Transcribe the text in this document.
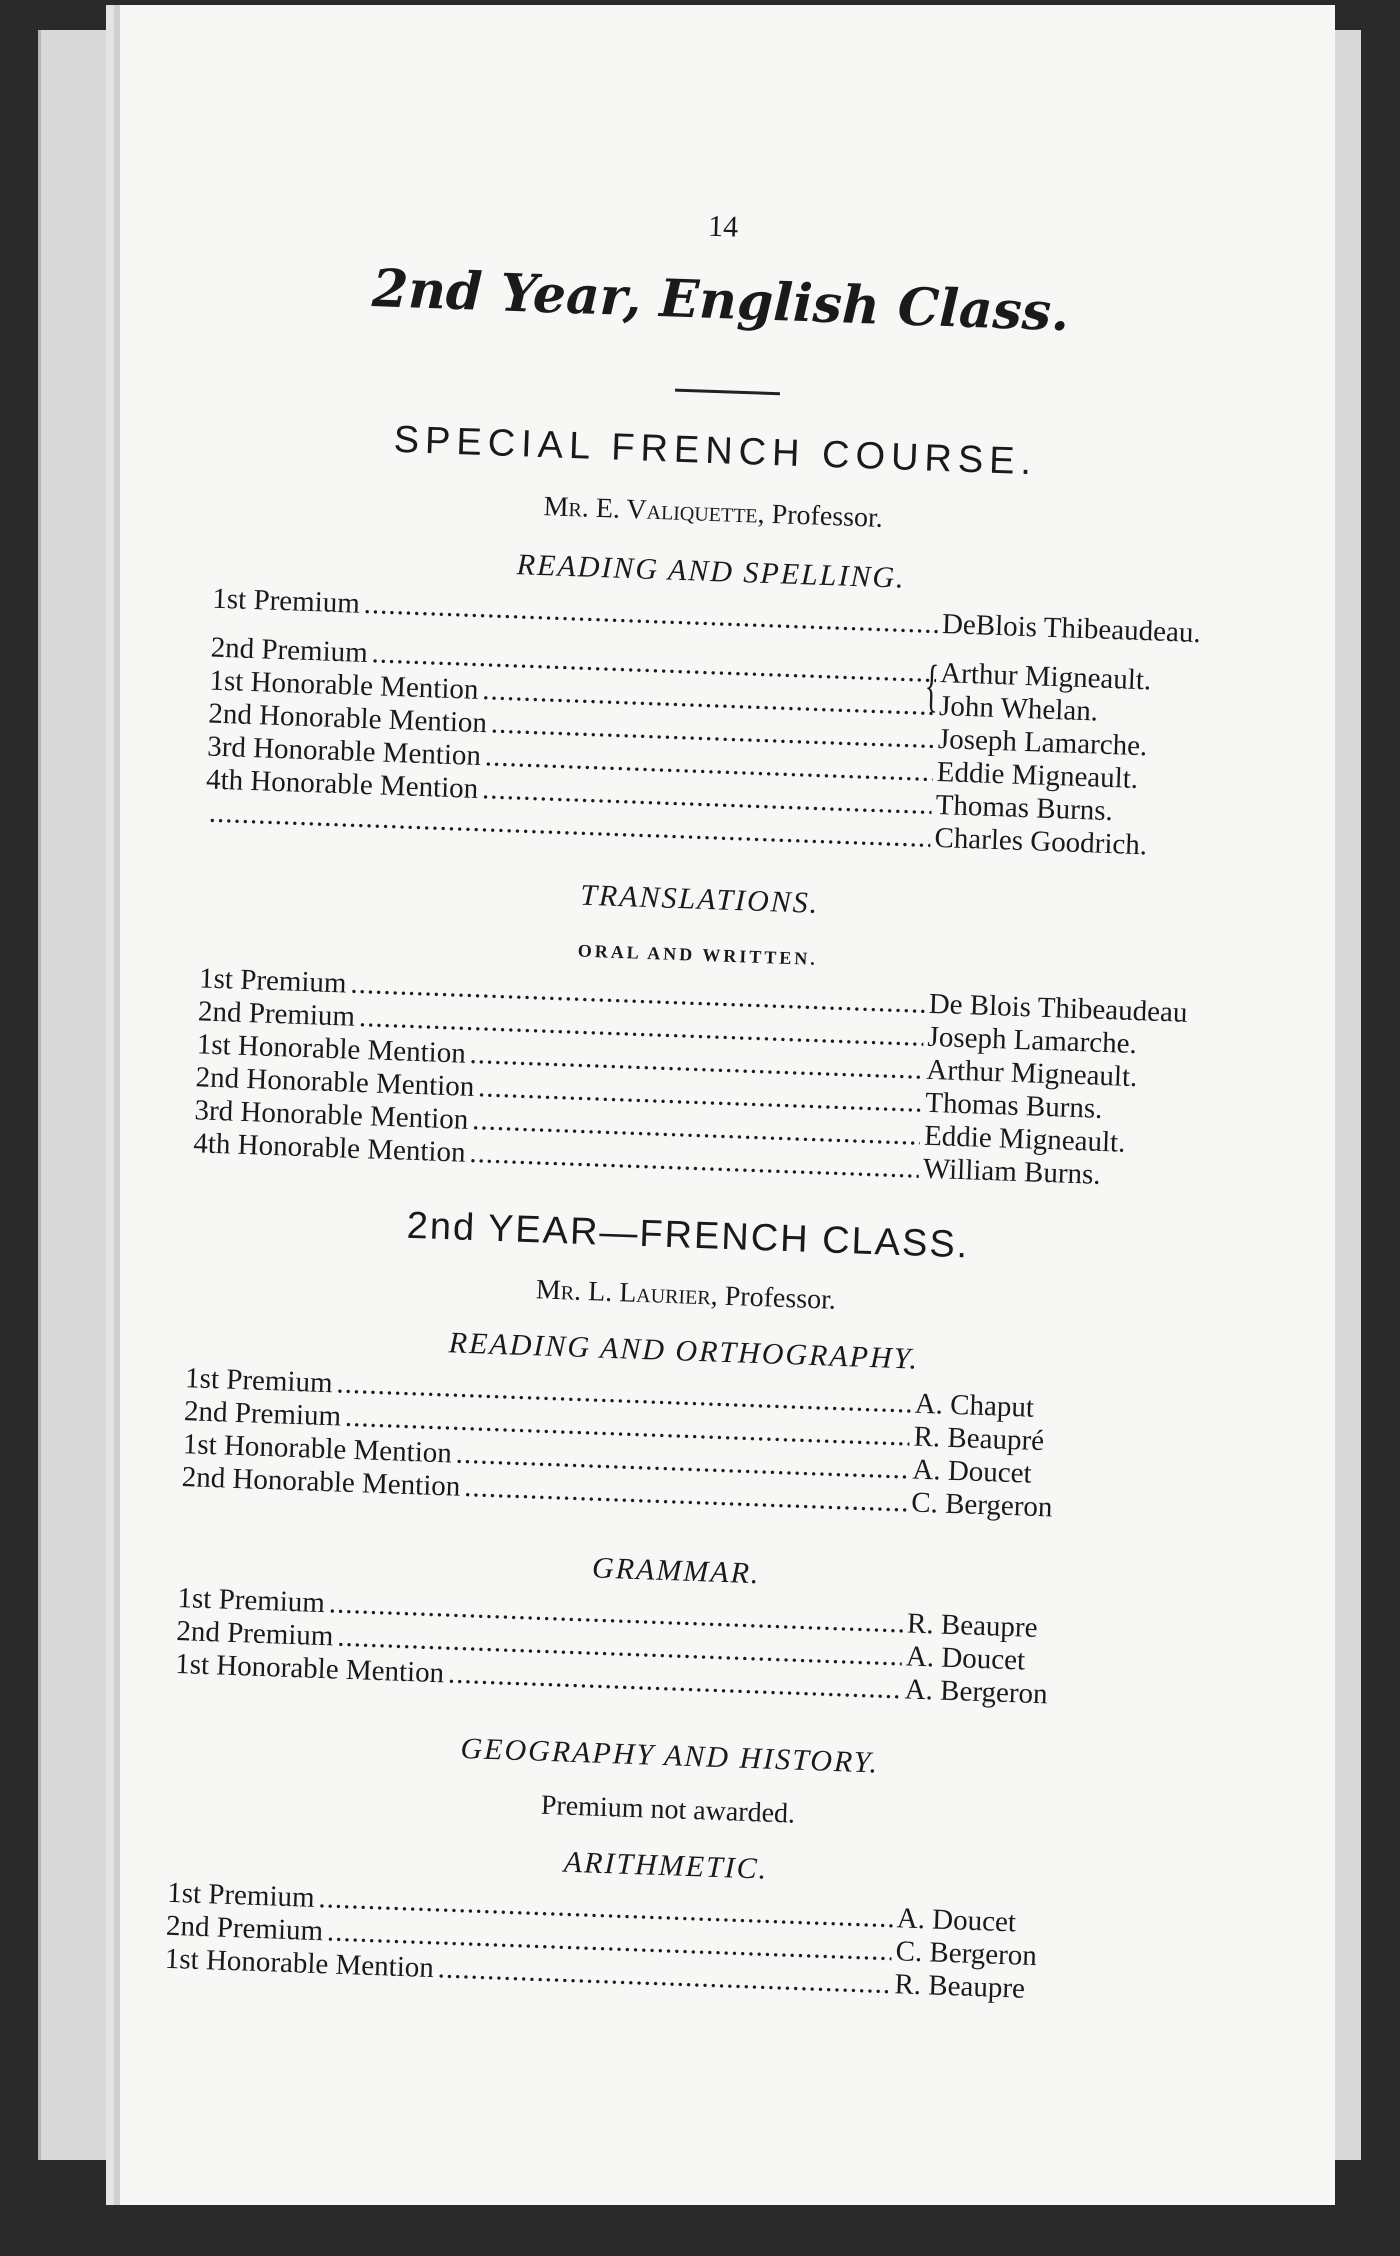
14
2nd Year, English Class.
SPECIAL FRENCH COURSE.
Mr. E. Valiquette, Professor.
READING AND SPELLING.
1st Premium
.....
DeBlois Thibeaudeau.
2nd Premium
.....
{ Arthur Migneault.
1st Honorable Mention
.....
John Whelan.
2nd Honorable Mention
.....
Joseph Lamarche.
3rd Honorable Mention
.....
Eddie Migneault.
4th Honorable Mention
.....
Thomas Burns.
.....
Charles Goodrich.
TRANSLATIONS.
ORAL AND WRITTEN.
1st Premium
.....
De Blois Thibeaudeau
2nd Premium
.....
Joseph Lamarche.
1st Honorable Mention
.....
Arthur Migneault.
2nd Honorable Mention
.....
Thomas Burns.
3rd Honorable Mention
.....
Eddie Migneault.
4th Honorable Mention
.....
William Burns.
2nd YEAR—FRENCH CLASS.
Mr. L. Laurier, Professor.
READING AND ORTHOGRAPHY.
1st Premium
.....
A. Chaput
2nd Premium
.....
R. Beaupré
1st Honorable Mention
.....
A. Doucet
2nd Honorable Mention
.....
C. Bergeron
GRAMMAR.
1st Premium
.....
R. Beaupre
2nd Premium
.....
A. Doucet
1st Honorable Mention
.....
A. Bergeron
GEOGRAPHY AND HISTORY.
Premium not awarded.
ARITHMETIC.
1st Premium
.....
A. Doucet
2nd Premium
.....
C. Bergeron
1st Honorable Mention
.....
R. Beaupre
